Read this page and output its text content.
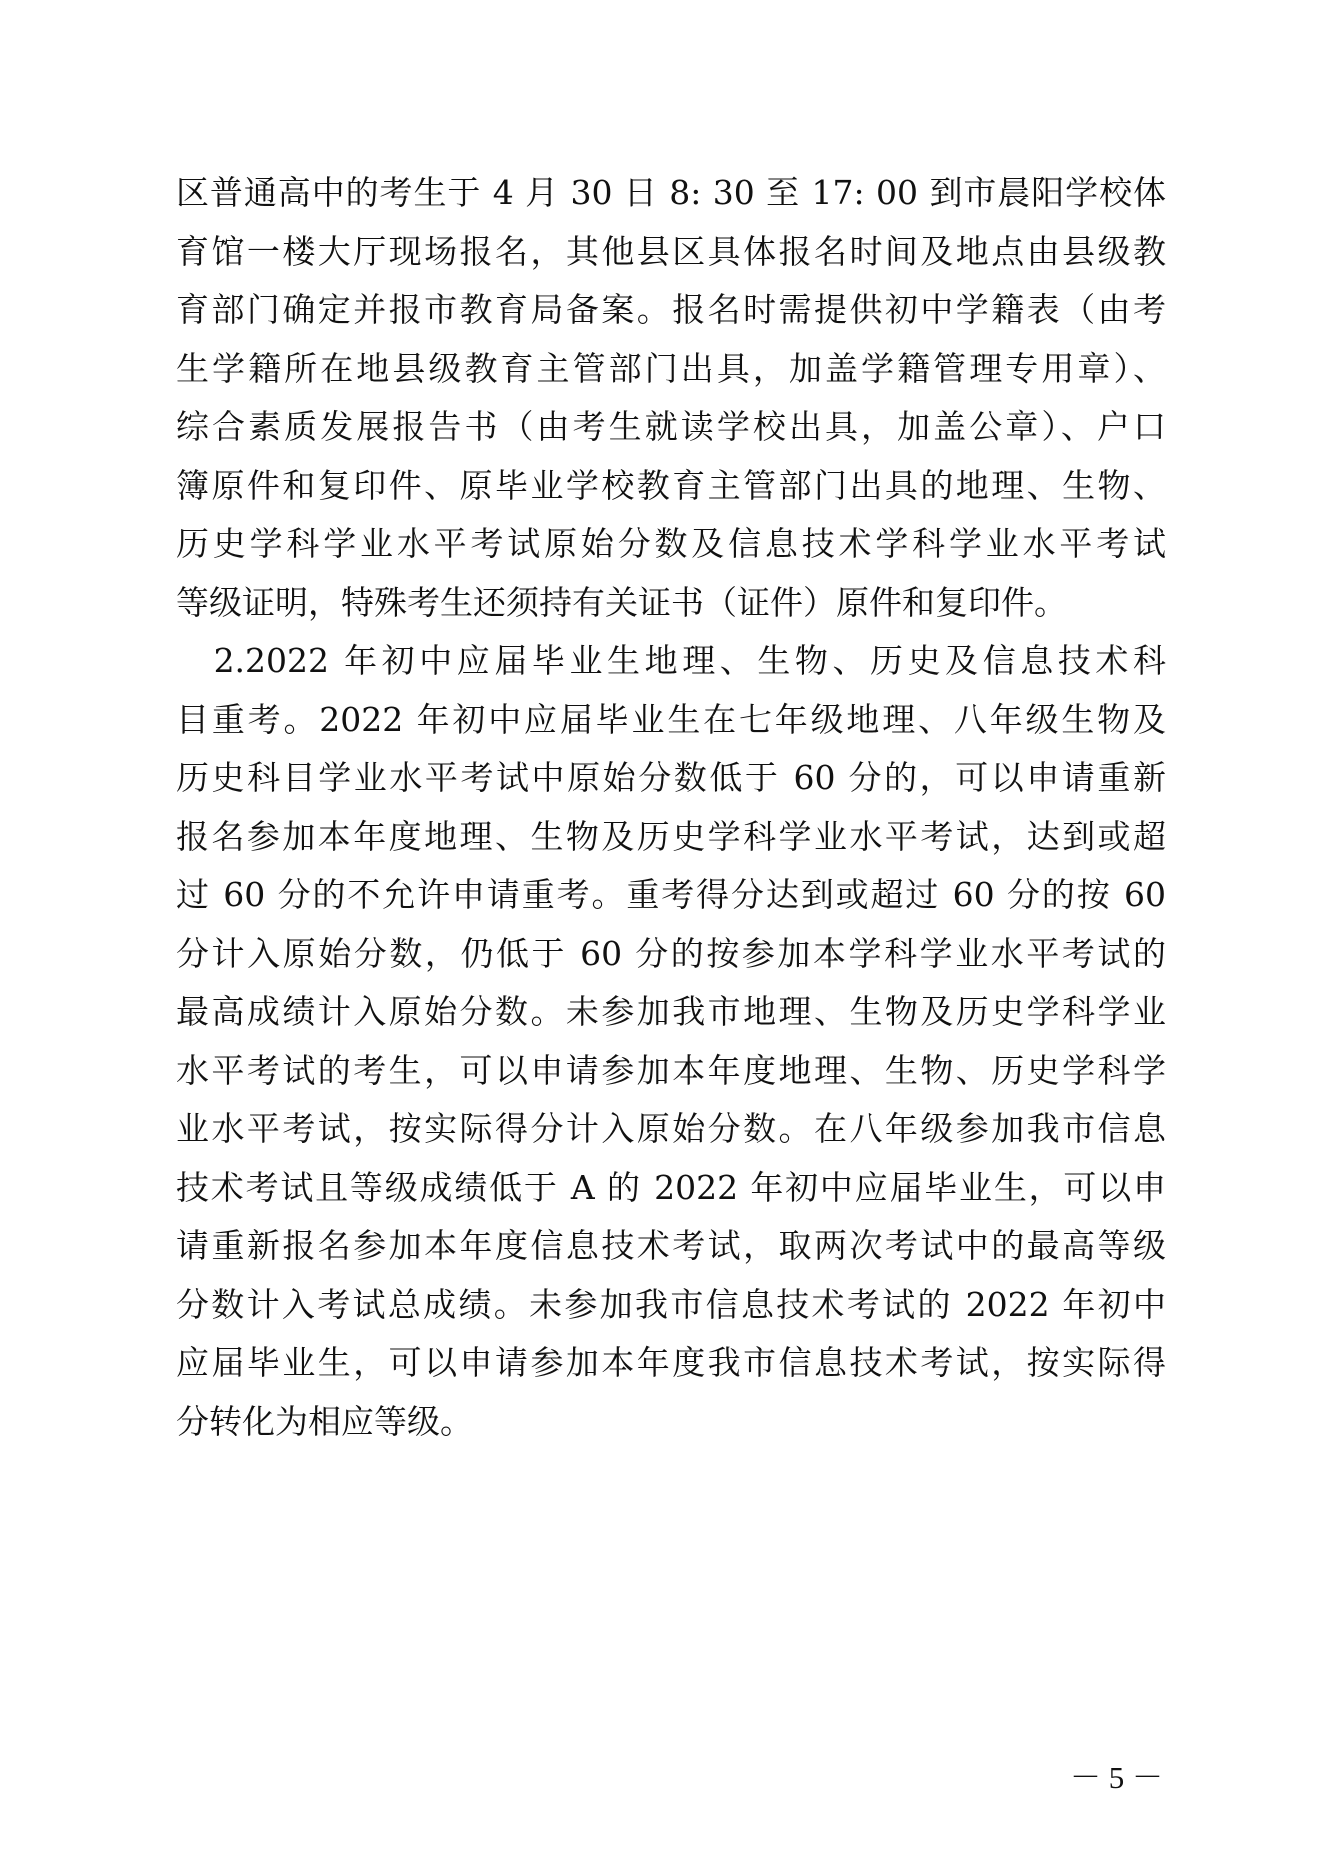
区普通高中的考生于 4 月 30 日 8: 30 至 17: 00 到市晨阳学校体
育馆一楼大厅现场报名，其他县区具体报名时间及地点由县级教
育部门确定并报市教育局备案。报名时需提供初中学籍表（由考
生学籍所在地县级教育主管部门出具，加盖学籍管理专用章）、
综合素质发展报告书（由考生就读学校出具，加盖公章）、户口
簿原件和复印件、原毕业学校教育主管部门出具的地理、生物、
历史学科学业水平考试原始分数及信息技术学科学业水平考试
等级证明，特殊考生还须持有关证书（证件）原件和复印件。
　2.2022 年初中应届毕业生地理、生物、历史及信息技术科
目重考。2022 年初中应届毕业生在七年级地理、八年级生物及
历史科目学业水平考试中原始分数低于 60 分的，可以申请重新
报名参加本年度地理、生物及历史学科学业水平考试，达到或超
过 60 分的不允许申请重考。重考得分达到或超过 60 分的按 60
分计入原始分数，仍低于 60 分的按参加本学科学业水平考试的
最高成绩计入原始分数。未参加我市地理、生物及历史学科学业
水平考试的考生，可以申请参加本年度地理、生物、历史学科学
业水平考试，按实际得分计入原始分数。在八年级参加我市信息
技术考试且等级成绩低于 A 的 2022 年初中应届毕业生，可以申
请重新报名参加本年度信息技术考试，取两次考试中的最高等级
分数计入考试总成绩。未参加我市信息技术考试的 2022 年初中
应届毕业生，可以申请参加本年度我市信息技术考试，按实际得
分转化为相应等级。
－ 5 －
